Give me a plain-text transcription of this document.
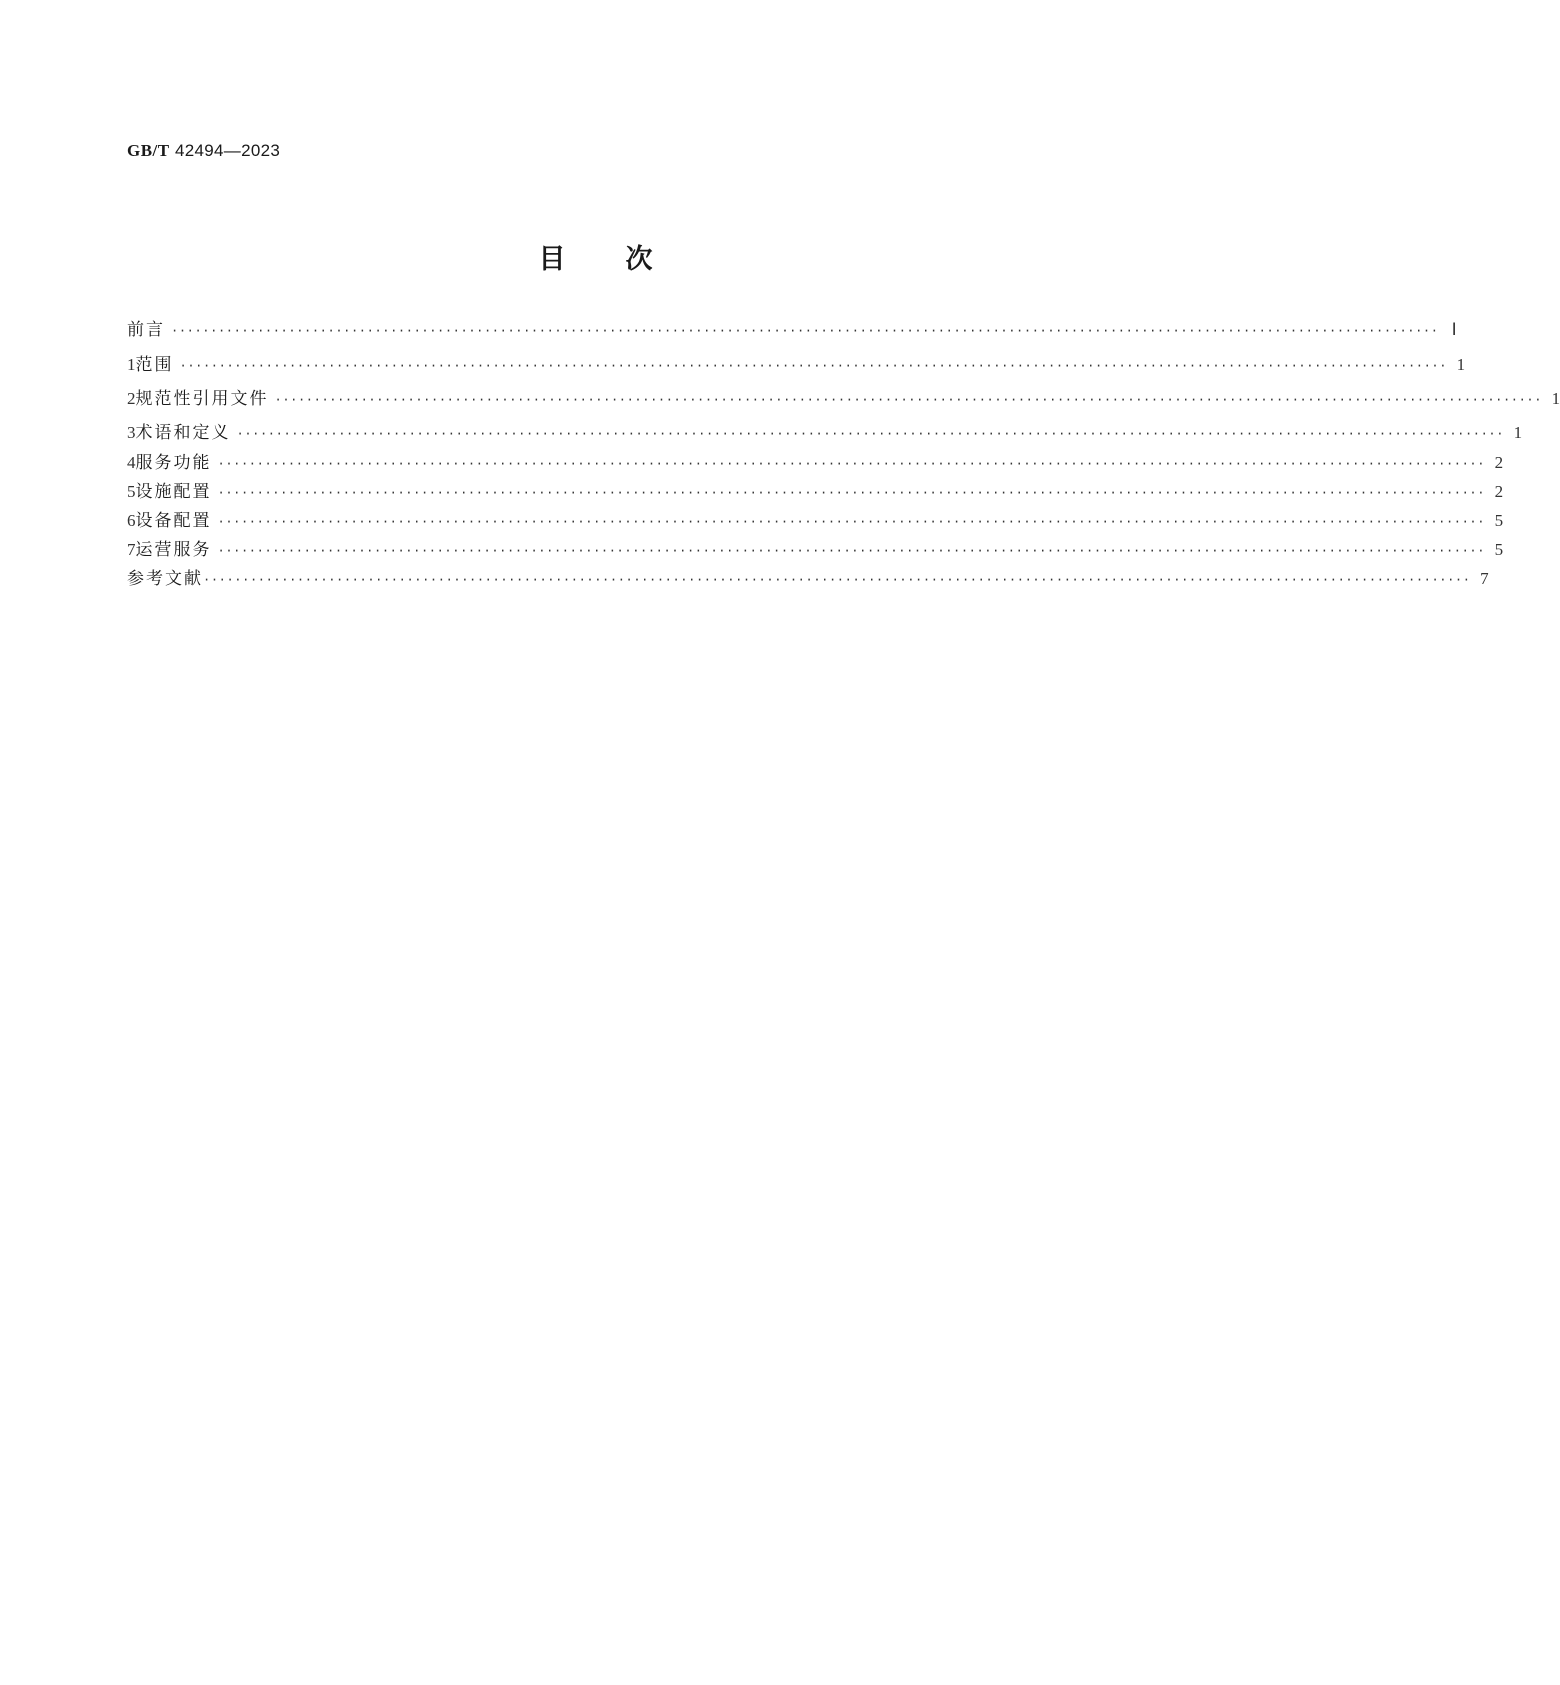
GB/T 42494—2023
目次
前言 ·································································································································································· Ⅰ
1 范围 ·································································································································································· 1
2 规范性引用文件 ·································································································································································· 1
3 术语和定义 ·································································································································································· 1
4 服务功能 ·································································································································································· 2
5 设施配置 ·································································································································································· 2
6 设备配置 ·································································································································································· 5
7 运营服务 ·································································································································································· 5
参考文献 ·································································································································································· 7
